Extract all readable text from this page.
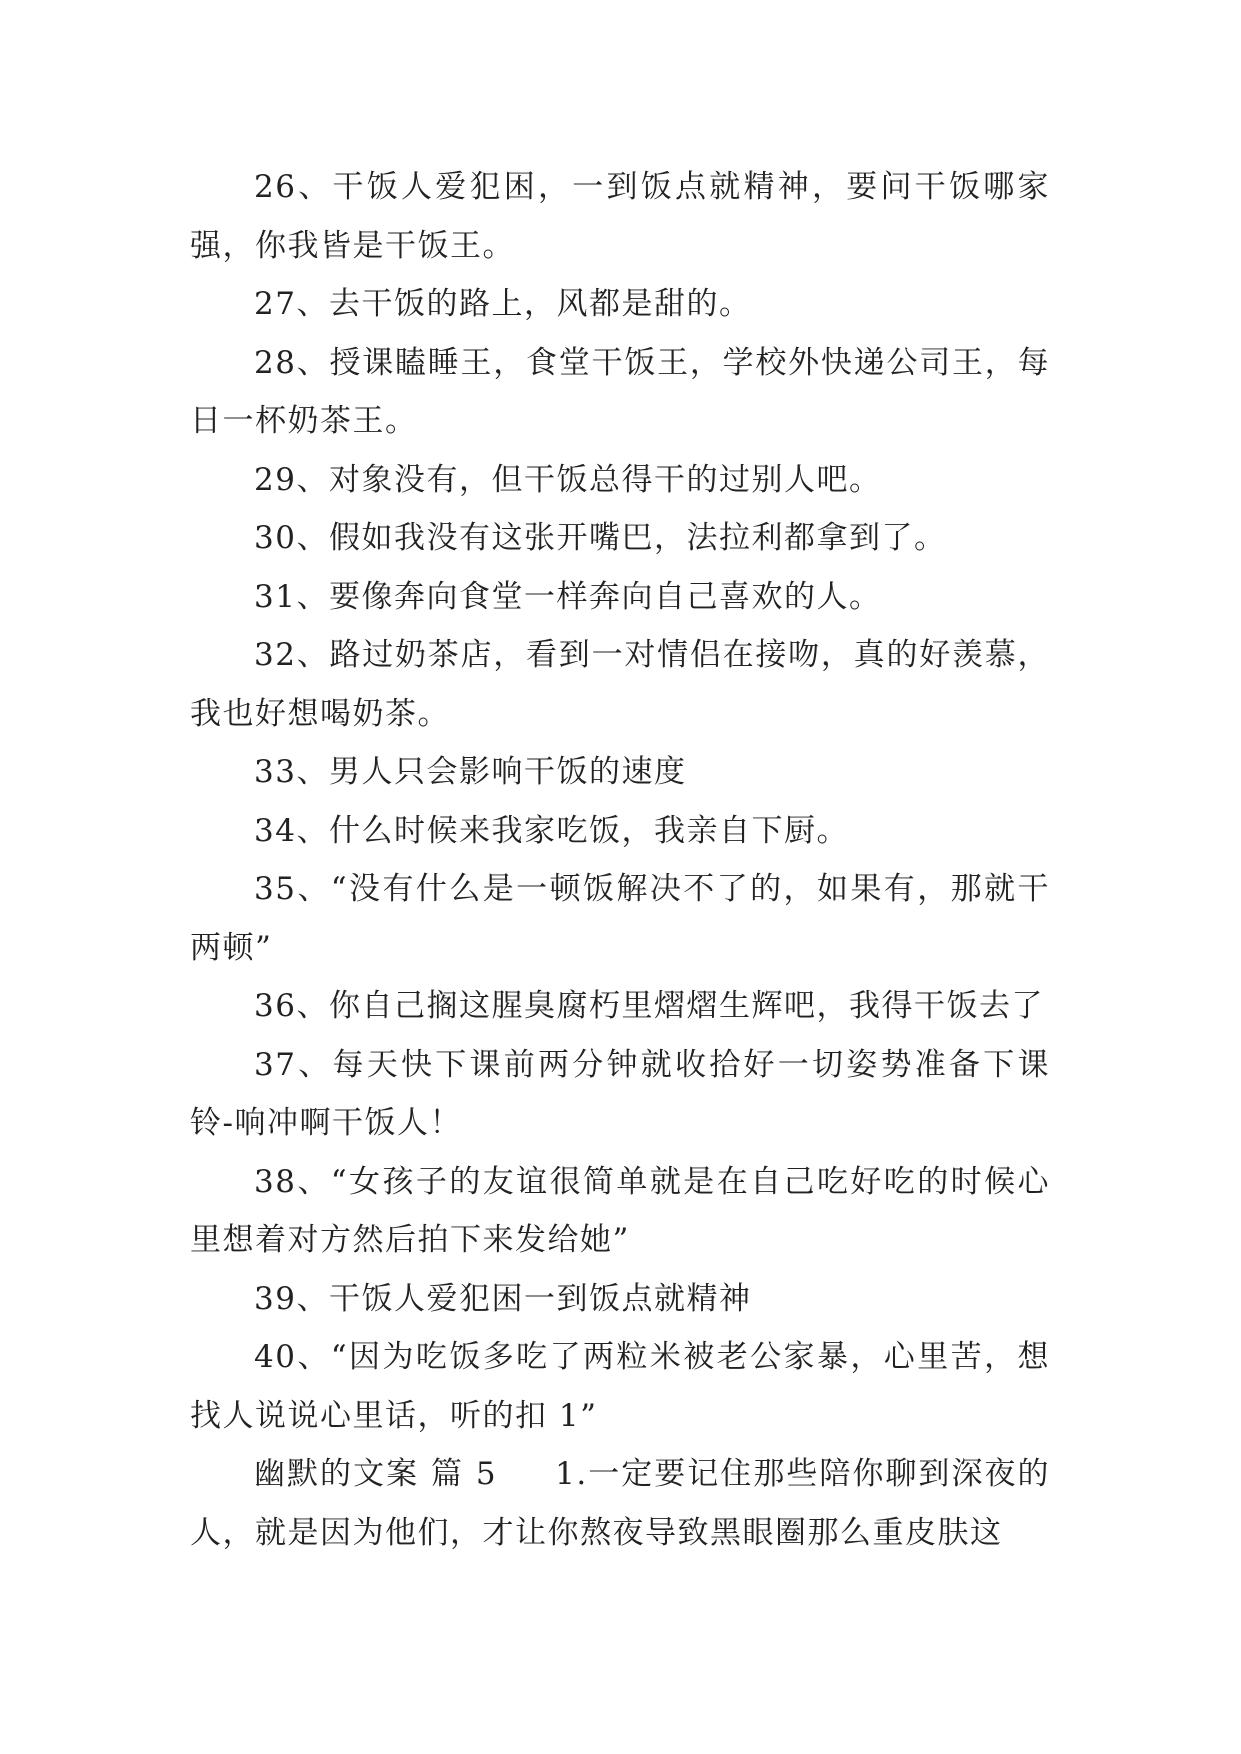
26、干饭人爱犯困，一到饭点就精神，要问干饭哪家强，你我皆是干饭王。

27、去干饭的路上，风都是甜的。

28、授课瞌睡王，食堂干饭王，学校外快递公司王，每日一杯奶茶王。

29、对象没有，但干饭总得干的过别人吧。

30、假如我没有这张开嘴巴，法拉利都拿到了。

31、要像奔向食堂一样奔向自己喜欢的人。

32、路过奶茶店，看到一对情侣在接吻，真的好羡慕，我也好想喝奶茶。

33、男人只会影响干饭的速度

34、什么时候来我家吃饭，我亲自下厨。

35、“没有什么是一顿饭解决不了的，如果有，那就干两顿”

36、你自己搁这腥臭腐朽里熠熠生辉吧，我得干饭去了

37、每天快下课前两分钟就收拾好一切姿势准备下课铃-响冲啊干饭人！

38、“女孩子的友谊很简单就是在自己吃好吃的时候心里想着对方然后拍下来发给她”

39、干饭人爱犯困一到饭点就精神

40、“因为吃饭多吃了两粒米被老公家暴，心里苦，想找人说说心里话，听的扣 1”

幽默的文案 篇 5 1.一定要记住那些陪你聊到深夜的人，就是因为他们，才让你熬夜导致黑眼圈那么重皮肤这
